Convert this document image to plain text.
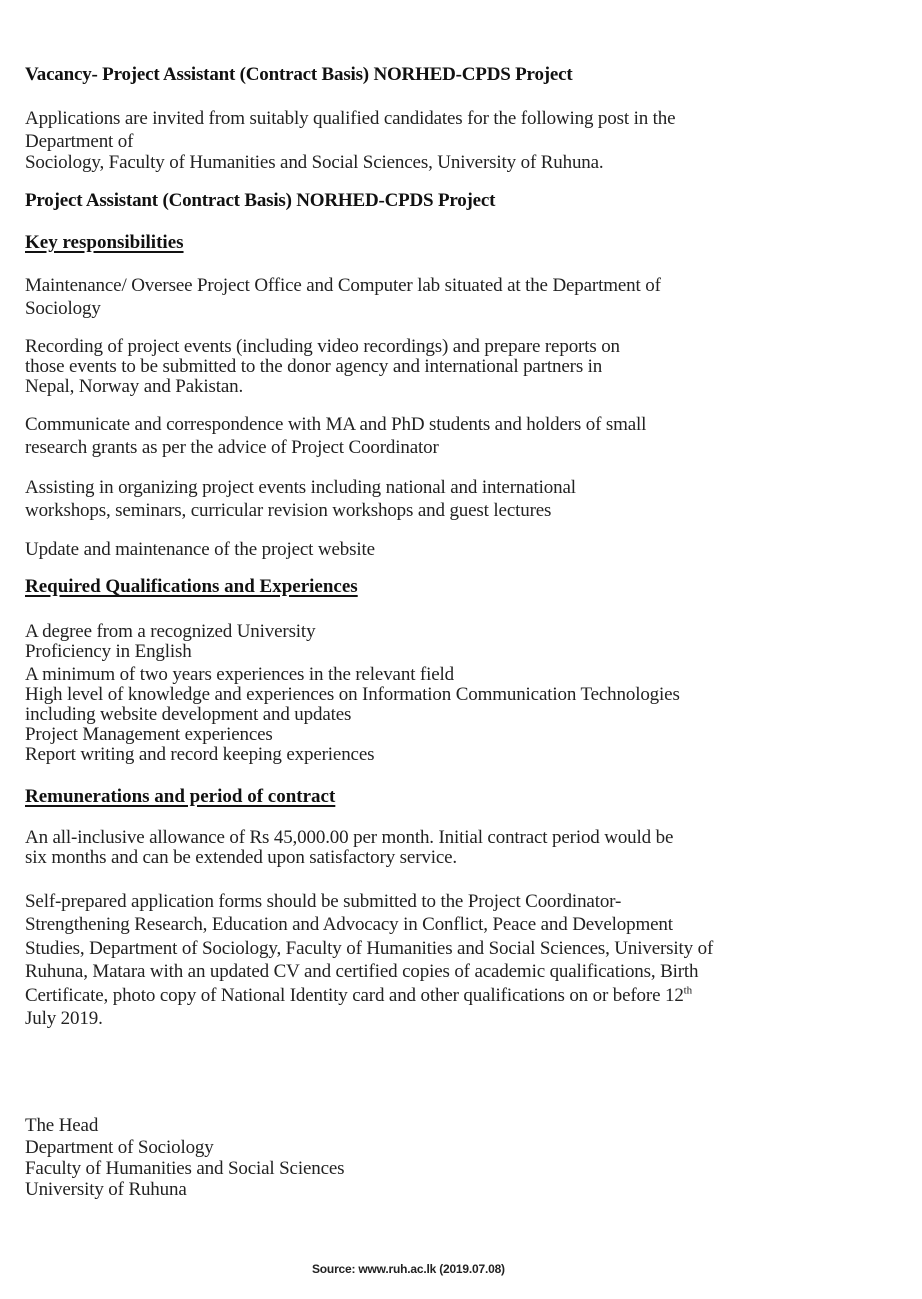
Vacancy- Project Assistant (Contract Basis) NORHED-CPDS Project
Applications are invited from suitably qualified candidates for the following post in the
Department of
Sociology, Faculty of Humanities and Social Sciences, University of Ruhuna.
Project Assistant (Contract Basis) NORHED-CPDS Project
Key responsibilities
Maintenance/ Oversee Project Office and Computer lab situated at the Department of
Sociology
Recording of project events (including video recordings) and prepare reports on
those events to be submitted to the donor agency and international partners in
Nepal, Norway and Pakistan.
Communicate and correspondence with MA and PhD students and holders of small
research grants as per the advice of Project Coordinator
Assisting in organizing project events including national and international
workshops, seminars, curricular revision workshops and guest lectures
Update and maintenance of the project website
Required Qualifications and Experiences
A degree from a recognized University
Proficiency in English
A minimum of two years experiences in the relevant field
High level of knowledge and experiences on Information Communication Technologies
including website development and updates
Project Management experiences
Report writing and record keeping experiences
Remunerations and period of contract
An all-inclusive allowance of Rs 45,000.00 per month. Initial contract period would be
six months and can be extended upon satisfactory service.
Self-prepared application forms should be submitted to the Project Coordinator-
Strengthening Research, Education and Advocacy in Conflict, Peace and Development
Studies, Department of Sociology, Faculty of Humanities and Social Sciences, University of
Ruhuna, Matara with an updated CV and certified copies of academic qualifications, Birth
Certificate, photo copy of National Identity card and other qualifications on or before 12th
July 2019.
The Head
Department of Sociology
Faculty of Humanities and Social Sciences
University of Ruhuna
Source: www.ruh.ac.lk (2019.07.08)
